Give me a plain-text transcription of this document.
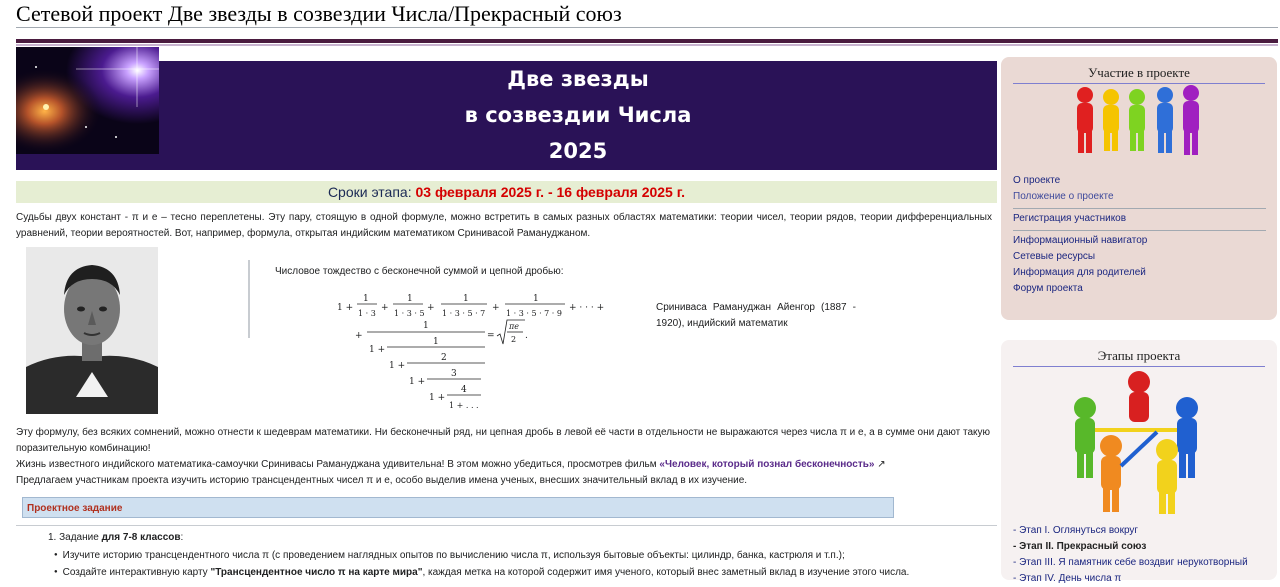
Сетевой проект Две звезды в созвездии Числа/Прекрасный союз
Две звезды
в созвездии Числа
2025
Сроки этапа: 03 февраля 2025 г. - 16 февраля 2025 г.
Судьбы двух констант - π и e – тесно переплетены. Эту пару, стоящую в одной формуле, можно встретить в самых разных областях математики: теории чисел, теории рядов, теории дифференциальных уравнений, теории вероятностей. Вот, например, формула, открытая индийским математиком Сринивасой Рамануджаном.
Числовое тождество с бесконечной суммой и цепной дробью:
1 +
1
1 · 3
+
1
1 · 3 · 5
+
1
1 · 3 · 5 · 7
+
1
1 · 3 · 5 · 7 · 9
+ · · · +
+
1
1 +
1
1 +
2
1 +
3
1 +
4
1 + . . .
=
πe
2 .
Сриниваса Рамануджан Айенгор (1887 - 1920), индийский математик
Эту формулу, без всяких сомнений, можно отнести к шедеврам математики. Ни бесконечный ряд, ни цепная дробь в левой её части в отдельности не выражаются через числа π и e, а в сумме они дают такую поразительную комбинацию!
Жизнь известного индийского математика-самоучки Сринивасы Рамануджана удивительна! В этом можно убедиться, просмотрев фильм «Человек, который познал бесконечность» ↗
Предлагаем участникам проекта изучить историю трансцендентных чисел π и e, особо выделив имена ученых, внесших значительный вклад в их изучение.
Проектное задание
1. Задание для 7-8 классов:
● Изучите историю трансцендентного числа π (с проведением наглядных опытов по вычислению числа π, используя бытовые объекты: цилиндр, банка, кастрюля и т.п.);
● Создайте интерактивную карту "Трансцендентное число π на карте мира", каждая метка на которой содержит имя ученого, который внес заметный вклад в изучение этого числа.
Участие в проекте
О проекте
Положение о проекте
Регистрация участников
Информационный навигатор
Сетевые ресурсы
Информация для родителей
Форум проекта
Этапы проекта
- Этап I. Оглянуться вокруг
- Этап II. Прекрасный союз
- Этап III. Я памятник себе воздвиг нерукотворный
- Этап IV. День числа π
